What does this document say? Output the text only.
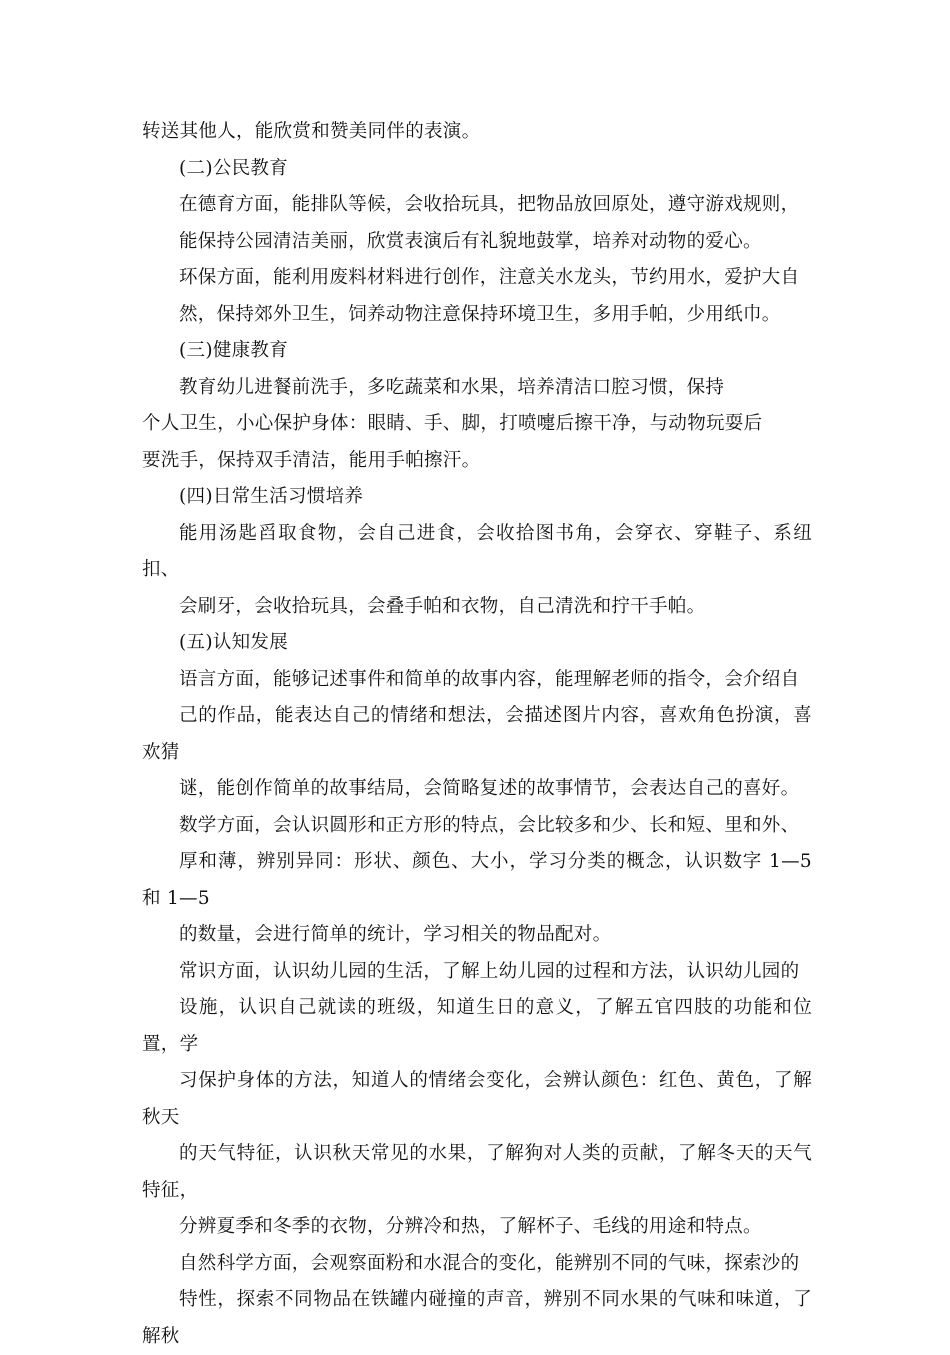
转送其他人，能欣赏和赞美同伴的表演。

(二)公民教育

在德育方面，能排队等候，会收拾玩具，把物品放回原处，遵守游戏规则，
能保持公园清洁美丽，欣赏表演后有礼貌地鼓掌，培养对动物的爱心。

环保方面，能利用废料材料进行创作，注意关水龙头，节约用水，爱护大自
然，保持郊外卫生，饲养动物注意保持环境卫生，多用手帕，少用纸巾。

(三)健康教育

教育幼儿进餐前洗手，多吃蔬菜和水果，培养清洁口腔习惯，保持

个人卫生，小心保护身体：眼睛、手、脚，打喷嚏后擦干净，与动物玩耍后
要洗手，保持双手清洁，能用手帕擦汗。

(四)日常生活习惯培养

能用汤匙舀取食物，会自己进食，会收拾图书角，会穿衣、穿鞋子、系纽扣、
会刷牙，会收拾玩具，会叠手帕和衣物，自己清洗和拧干手帕。

(五)认知发展

语言方面，能够记述事件和简单的故事内容，能理解老师的指令，会介绍自
己的作品，能表达自己的情绪和想法，会描述图片内容，喜欢角色扮演，喜欢猜
谜，能创作简单的故事结局，会简略复述的故事情节，会表达自己的喜好。

数学方面，会认识圆形和正方形的特点，会比较多和少、长和短、里和外、
厚和薄，辨别异同：形状、颜色、大小，学习分类的概念，认识数字 1—5 和 1—5
的数量，会进行简单的统计，学习相关的物品配对。

常识方面，认识幼儿园的生活，了解上幼儿园的过程和方法，认识幼儿园的
设施，认识自己就读的班级，知道生日的意义，了解五官四肢的功能和位置，学
习保护身体的方法，知道人的情绪会变化，会辨认颜色：红色、黄色，了解秋天
的天气特征，认识秋天常见的水果，了解狗对人类的贡献，了解冬天的天气特征，
分辨夏季和冬季的衣物，分辨冷和热，了解杯子、毛线的用途和特点。

自然科学方面，会观察面粉和水混合的变化，能辨别不同的气味，探索沙的
特性，探索不同物品在铁罐内碰撞的声音，辨别不同水果的气味和味道，了解秋
